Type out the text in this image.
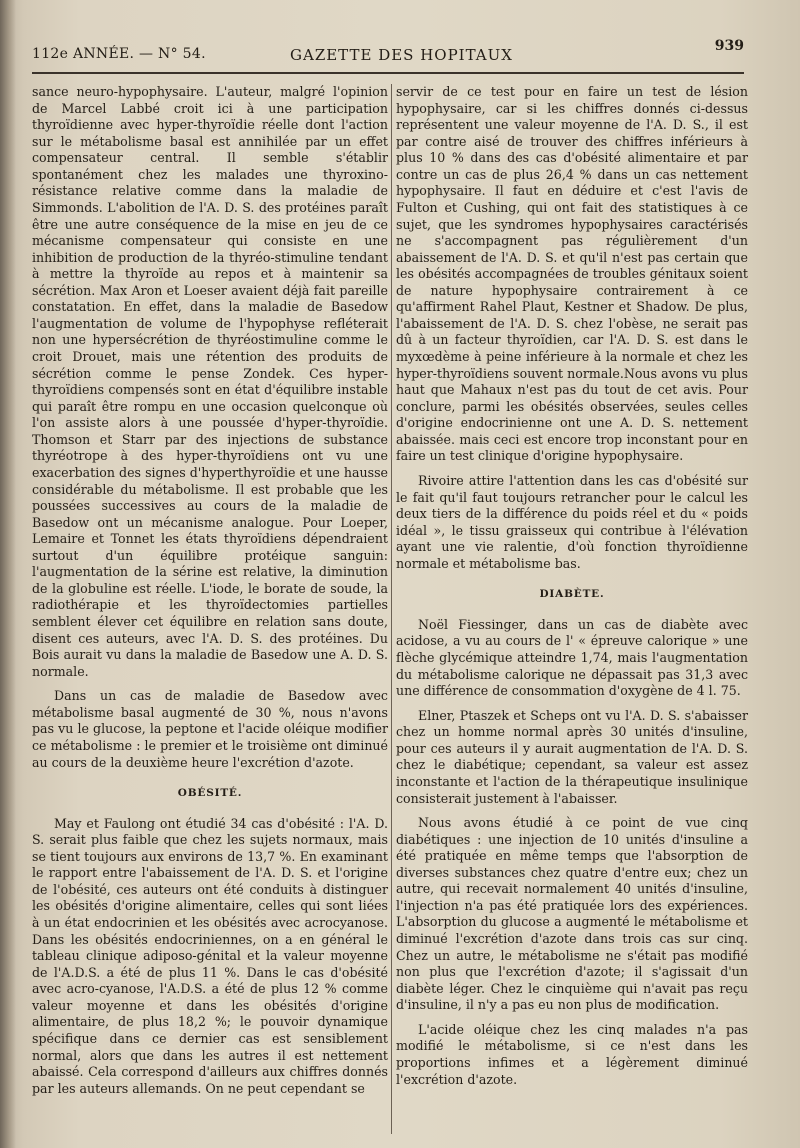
112e ANNÉE. — N° 54.	GAZETTE DES HOPITAUX	939

sance neuro-hypophysaire. L'auteur, malgré l'opinion de Marcel Labbé croit ici à une participation thyroïdienne avec hyper-thyroïdie réelle dont l'action sur le métabolisme basal est annihilée par un effet compensateur central. Il semble s'établir spontanément chez les malades une thyroxino-résistance relative comme dans la maladie de Simmonds. L'abolition de l'A. D. S. des protéines paraît être une autre conséquence de la mise en jeu de ce mécanisme compensateur qui consiste en une inhibition de production de la thyréo-stimuline tendant à mettre la thyroïde au repos et à maintenir sa sécrétion. Max Aron et Loeser avaient déjà fait pareille constatation. En effet, dans la maladie de Basedow l'augmentation de volume de l'hypophyse refléterait non une hypersécrétion de thyréostimuline comme le croit Drouet, mais une rétention des produits de sécrétion comme le pense Zondek. Ces hyper-thyroïdiens compensés sont en état d'équilibre instable qui paraît être rompu en une occasion quelconque où l'on assiste alors à une poussée d'hyper-thyroïdie. Thomson et Starr par des injections de substance thyréotrope à des hyper-thyroïdiens ont vu une exacerbation des signes d'hyperthyroïdie et une hausse considérable du métabolisme. Il est probable que les poussées successives au cours de la maladie de Basedow ont un mécanisme analogue. Pour Loeper, Lemaire et Tonnet les états thyroïdiens dépendraient surtout d'un équilibre protéique sanguin: l'augmentation de la sérine est relative, la diminution de la globuline est réelle. L'iode, le borate de soude, la radiothérapie et les thyroïdectomies partielles semblent élever cet équilibre en relation sans doute, disent ces auteurs, avec l'A. D. S. des protéines. Du Bois aurait vu dans la maladie de Basedow une A. D. S. normale.

Dans un cas de maladie de Basedow avec métabolisme basal augmenté de 30 %, nous n'avons pas vu le glucose, la peptone et l'acide oléique modifier ce métabolisme : le premier et le troisième ont diminué au cours de la deuxième heure l'excrétion d'azote.

OBÉSITÉ.

May et Faulong ont étudié 34 cas d'obésité : l'A. D. S. serait plus faible que chez les sujets normaux, mais se tient toujours aux environs de 13,7 %. En examinant le rapport entre l'abaissement de l'A. D. S. et l'origine de l'obésité, ces auteurs ont été conduits à distinguer les obésités d'origine alimentaire, celles qui sont liées à un état endocrinien et les obésités avec acrocyanose. Dans les obésités endocriniennes, on a en général le tableau clinique adiposo-génital et la valeur moyenne de l'A.D.S. a été de plus 11 %. Dans le cas d'obésité avec acro-cyanose, l'A.D.S. a été de plus 12 % comme valeur moyenne et dans les obésités d'origine alimentaire, de plus 18,2 %; le pouvoir dynamique spécifique dans ce dernier cas est sensiblement normal, alors que dans les autres il est nettement abaissé. Cela correspond d'ailleurs aux chiffres donnés par les auteurs allemands. On ne peut cependant se

servir de ce test pour en faire un test de lésion hypophysaire, car si les chiffres donnés ci-dessus représentent une valeur moyenne de l'A. D. S., il est par contre aisé de trouver des chiffres inférieurs à plus 10 % dans des cas d'obésité alimentaire et par contre un cas de plus 26,4 % dans un cas nettement hypophysaire. Il faut en déduire et c'est l'avis de Fulton et Cushing, qui ont fait des statistiques à ce sujet, que les syndromes hypophysaires caractérisés ne s'accompagnent pas régulièrement d'un abaissement de l'A. D. S. et qu'il n'est pas certain que les obésités accompagnées de troubles génitaux soient de nature hypophysaire contrairement à ce qu'affirment Rahel Plaut, Kestner et Shadow. De plus, l'abaissement de l'A. D. S. chez l'obèse, ne serait pas dû à un facteur thyroïdien, car l'A. D. S. est dans le myxœdème à peine inférieure à la normale et chez les hyper-thyroïdiens souvent normale.Nous avons vu plus haut que Mahaux n'est pas du tout de cet avis. Pour conclure, parmi les obésités observées, seules celles d'origine endocrinienne ont une A. D. S. nettement abaissée. mais ceci est encore trop inconstant pour en faire un test clinique d'origine hypophysaire.

Rivoire attire l'attention dans les cas d'obésité sur le fait qu'il faut toujours retrancher pour le calcul les deux tiers de la différence du poids réel et du « poids idéal », le tissu graisseux qui contribue à l'élévation ayant une vie ralentie, d'où fonction thyroïdienne normale et métabolisme bas.

DIABÈTE.

Noël Fiessinger, dans un cas de diabète avec acidose, a vu au cours de l' « épreuve calorique » une flèche glycémique atteindre 1,74, mais l'augmentation du métabolisme calorique ne dépassait pas 31,3 avec une différence de consommation d'oxygène de 4 l. 75.

Elner, Ptaszek et Scheps ont vu l'A. D. S. s'abaisser chez un homme normal après 30 unités d'insuline, pour ces auteurs il y aurait augmentation de l'A. D. S. chez le diabétique; cependant, sa valeur est assez inconstante et l'action de la thérapeutique insulinique consisterait justement à l'abaisser.

Nous avons étudié à ce point de vue cinq diabétiques : une injection de 10 unités d'insuline a été pratiquée en même temps que l'absorption de diverses substances chez quatre d'entre eux; chez un autre, qui recevait normalement 40 unités d'insuline, l'injection n'a pas été pratiquée lors des expériences. L'absorption du glucose a augmenté le métabolisme et diminué l'excrétion d'azote dans trois cas sur cinq. Chez un autre, le métabolisme ne s'était pas modifié non plus que l'excrétion d'azote; il s'agissait d'un diabète léger. Chez le cinquième qui n'avait pas reçu d'insuline, il n'y a pas eu non plus de modification.

L'acide oléique chez les cinq malades n'a pas modifié le métabolisme, si ce n'est dans les proportions infimes et a légèrement diminué l'excrétion d'azote.
